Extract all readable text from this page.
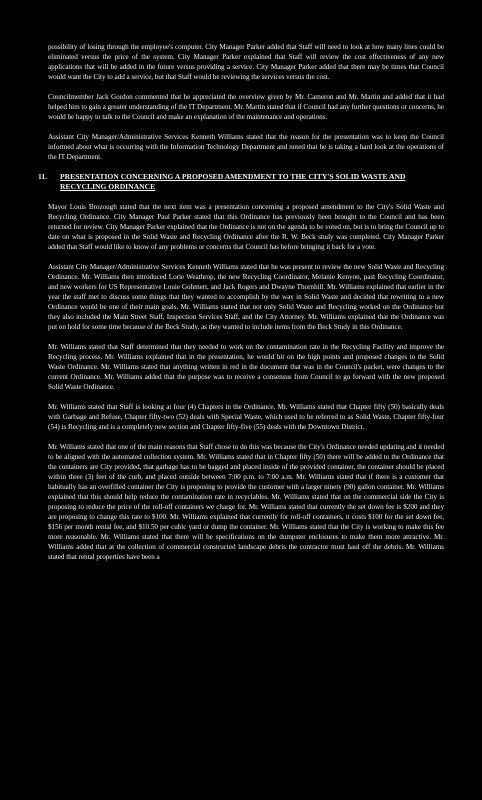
possibility of losing through the employee's computer. City Manager Parker added that Staff will need to look at how many lines could be eliminated versus the price of the system. City Manager Parker explained that Staff will review the cost effectiveness of any new applications that will be added in the future versus providing a service. City Manager Parker added that there may be times that Council would want the City to add a service, but that Staff would be reviewing the services versus the cost.

Councilmember Jack Gordon commented that he appreciated the overview given by Mr. Cameron and Mr. Martin and added that it had helped him to gain a greater understanding of the IT Department. Mr. Martin stated that if Council had any further questions or concerns, he would be happy to talk to the Council and make an explanation of the maintenance and operations.

Assistant City Manager/Administrative Services Kenneth Williams stated that the reason for the presentation was to keep the Council informed about what is occurring with the Information Technology Department and noted that he is taking a hard look at the operations of the IT Department.

11.	PRESENTATION CONCERNING A PROPOSED AMENDMENT TO THE CITY'S SOLID WASTE AND RECYCLING ORDINANCE

Mayor Louis Brozough stated that the next item was a presentation concerning a proposed amendment to the City's Solid Waste and Recycling Ordinance. City Manager Paul Parker stated that this Ordinance has previously been brought to the Council and has been returned for review. City Manager Parker explained that the Ordinance is not on the agenda to be voted on, but is to bring the Council up to date on what is proposed in the Solid Waste and Recycling Ordinance after the R. W. Beck study was completed. City Manager Parker added that Staff would like to know of any problems or concerns that Council has before bringing it back for a vote.

Assistant City Manager/Administrative Services Kenneth Williams stated that he was present to review the new Solid Waste and Recycling Ordinance. Mr. Williams then introduced Lorie Weathrop, the new Recycling Coordinator, Melanie Kenyon, past Recycling Coordinator, and new workers for US Representative Louie Gohmert, and Jack Rogers and Dwayne Thornhill. Mr. Williams explained that earlier in the year the staff met to discuss some things that they wanted to accomplish by the way in Solid Waste and decided that rewriting to a new Ordinance would be one of their main goals. Mr. Williams stated that not only Solid Waste and Recycling worked on the Ordinance but they also included the Main Street Staff, Inspection Services Staff, and the City Attorney. Mr. Williams explained that the Ordinance was put on hold for some time because of the Beck Study, as they wanted to include items from the Beck Study in this Ordinance.

Mr. Williams stated that Staff determined that they needed to work on the contamination rate in the Recycling Facility and improve the Recycling process. Mr. Williams explained that in the presentation, he would hit on the high points and proposed changes to the Solid Waste Ordinance. Mr. Williams stated that anything written in red in the document that was in the Council's packet, were changes to the current Ordinance. Mr. Williams added that the purpose was to receive a consensus from Council to go forward with the new proposed Solid Waste Ordinance.

Mr. Williams stated that Staff is looking at four (4) Chapters in the Ordinance. Mr. Williams stated that Chapter fifty (50) basically deals with Garbage and Refuse, Chapter fifty-two (52) deals with Special Waste, which used to be referred to as Solid Waste, Chapter fifty-four (54) is Recycling and is a completely new section and Chapter fifty-five (55) deals with the Downtown District.

Mr. Williams stated that one of the main reasons that Staff chose to do this was because the City's Ordinance needed updating and it needed to be aligned with the automated collection system. Mr. Williams stated that in Chapter fifty (50) there will be added to the Ordinance that the containers are City provided, that garbage has to be bagged and placed inside of the provided container, the container should be placed within three (3) feet of the curb, and placed outside between 7:00 p.m. to 7:00 a.m. Mr. Williams stated that if there is a customer that habitually has an overfilled container the City is proposing to provide the customer with a larger ninety (90) gallon container. Mr. Williams explained that this should help reduce the contamination rate in recyclables. Mr. Williams stated that on the commercial side the City is proposing to reduce the price of the roll-off containers we charge for. Mr. Williams stated that currently the set down fee is $200 and they are proposing to change this rate to $100. Mr. Williams explained that currently for roll-off containers, it costs $100 for the set down fee, $156 per month rental fee, and $10.50 per cubic yard or dump the container. Mr. Williams stated that the City is working to make this fee more reasonable. Mr. Williams stated that there will be specifications on the dumpster enclosures to make them more attractive. Mr. Williams added that at the collection of commercial constructed landscape debris the contractor must haul off the debris. Mr. Williams stated that rental properties have been a
